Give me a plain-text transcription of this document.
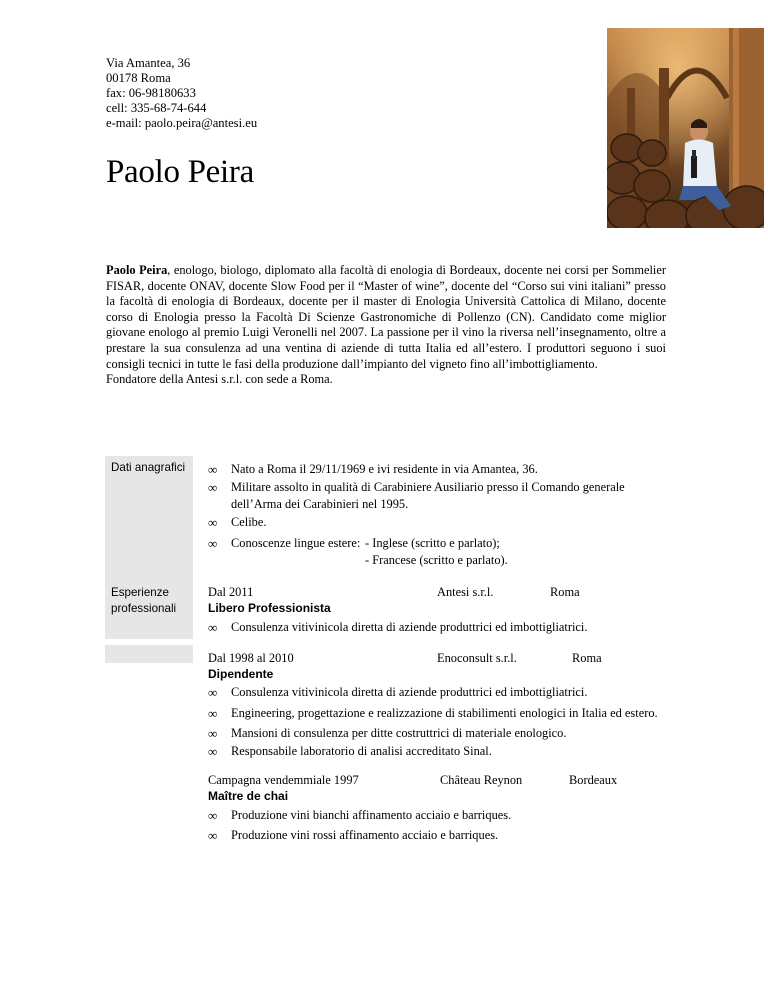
Via Amantea, 36
00178 Roma
fax: 06-98180633
cell: 335-68-74-644
e-mail: paolo.peira@antesi.eu
Paolo Peira

Paolo Peira, enologo, biologo, diplomato alla facoltà di enologia di Bordeaux, docente nei corsi per Sommelier FISAR, docente ONAV, docente Slow Food per il “Master of wine”, docente del “Corso sui vini italiani” presso la facoltà di enologia di Bordeaux, docente per il master di Enologia Università Cattolica di Milano, docente corso di Enologia presso la Facoltà Di Scienze Gastronomiche di Pollenzo (CN). Candidato come miglior giovane enologo al premio Luigi Veronelli nel 2007. La passione per il vino la riversa nell’insegnamento, oltre a prestare la sua consulenza ad una ventina di aziende di tutta Italia ed all’estero. I produttori seguono i suoi consigli tecnici in tutte le fasi della produzione dall’impianto del vigneto fino all’imbottigliamento.

Fondatore della Antesi s.r.l. con sede a Roma.

Dati anagrafici	∞ Nato a Roma il 29/11/1969 e ivi residente in via Amantea, 36.
∞ Militare assolto in qualità di Carabiniere Ausiliario presso il Comando generale
dell’Arma dei Carabinieri nel 1995.
∞ Celibe.
∞ Conoscenze lingue estere: - Inglese (scritto e parlato);
- Francese (scritto e parlato).
Esperienze
professionali
Dal 2011	Antesi s.r.l.	Roma
Libero Professionista
∞ Consulenza vitivinicola diretta di aziende produttrici ed imbottigliatrici.
Dal 1998 al 2010	Enoconsult s.r.l.	Roma
Dipendente
∞ Consulenza vitivinicola diretta di aziende produttrici ed imbottigliatrici.
∞ Engineering, progettazione e realizzazione di stabilimenti enologici in Italia ed estero.
∞ Mansioni di consulenza per ditte costruttrici di materiale enologico.
∞ Responsabile laboratorio di analisi accreditato Sinal.
Campagna vendemmiale 1997	Château Reynon	Bordeaux
Maître de chai
∞ Produzione vini bianchi affinamento acciaio e barriques.
∞ Produzione vini rossi affinamento acciaio e barriques.
